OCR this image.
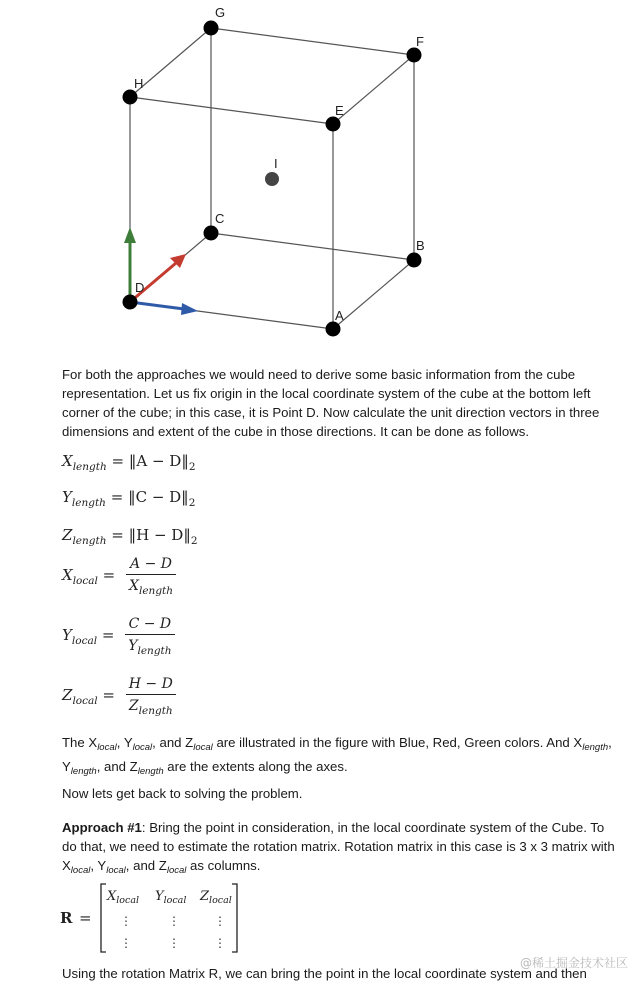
G
F
H
E
I
C
B
D
A
For both the approaches we would need to derive some basic information from the cube representation. Let us fix origin in the local coordinate system of the cube at the bottom left corner of the cube; in this case, it is Point D. Now calculate the unit direction vectors in three dimensions and extent of the cube in those directions. It can be done as follows.
$X_{length}$ = ‖A − $D‖_2$
$Y_{length}$ = ‖C − $D‖_2$
$Z_{length}$ = ‖H − $D‖_2$
$X_{local} = \frac{A - D}{X_{length}}$
$Y_{local} = \frac{C - D}{Y_{length}}$
$Z_{local} = \frac{H - D}{Z_{length}}$
The $X_{local}$, $Y_{local}$, and $Z_{local}$ are illustrated in the figure with Blue, Red, Green colors. And $X_{length}$, $Y_{length}$, and $Z_{length}$ are the extents along the axes.
Now lets get back to solving the problem.
Approach #1: Bring the point in consideration, in the local coordinate system of the Cube. To do that, we need to estimate the rotation matrix. Rotation matrix in this case is 3 x 3 matrix with $X_{local}$, $Y_{local}$, and $Z_{local}$ as columns.
R =
$X_{local}$ $Y_{local}$ $Z_{local}$
⋮	⋮	⋮
⋮	⋮	⋮
Using the rotation Matrix R, we can bring the point in the local coordinate system and then
@稀土掘金技术社区
